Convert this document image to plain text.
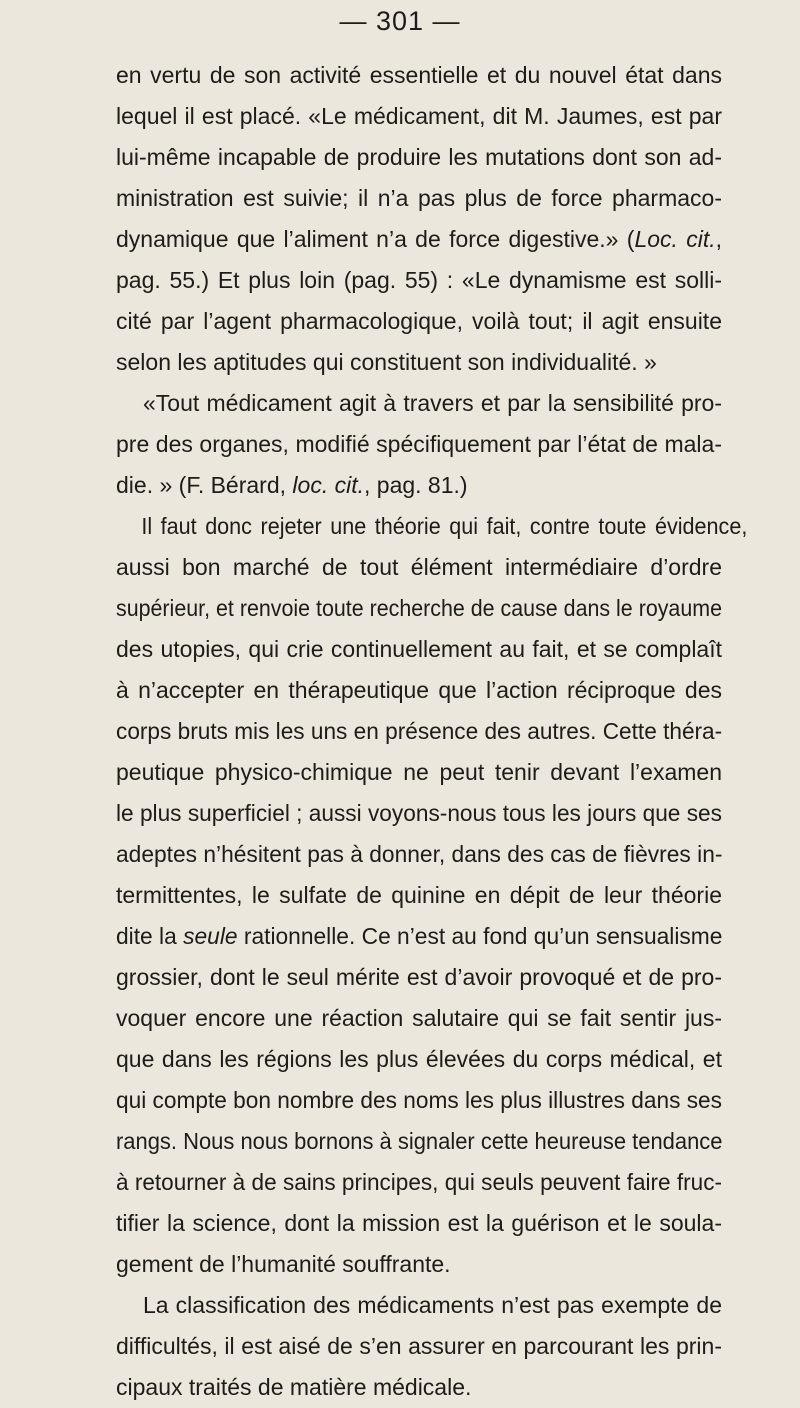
— 301 —
en vertu de son activité essentielle et du nouvel état dans
lequel il est placé. «Le médicament, dit M. Jaumes, est par
lui-même incapable de produire les mutations dont son ad-
ministration est suivie; il n’a pas plus de force pharmaco-
dynamique que l’aliment n’a de force digestive.» (Loc. cit.,
pag. 55.) Et plus loin (pag. 55) : «Le dynamisme est solli-
cité par l’agent pharmacologique, voilà tout; il agit ensuite
selon les aptitudes qui constituent son individualité. »
«Tout médicament agit à travers et par la sensibilité pro-
pre des organes, modifié spécifiquement par l’état de mala-
die. » (F. Bérard, loc. cit., pag. 81.)
Il faut donc rejeter une théorie qui fait, contre toute évidence,
aussi bon marché de tout élément intermédiaire d’ordre
supérieur, et renvoie toute recherche de cause dans le royaume
des utopies, qui crie continuellement au fait, et se complaît
à n’accepter en thérapeutique que l’action réciproque des
corps bruts mis les uns en présence des autres. Cette théra-
peutique physico-chimique ne peut tenir devant l’examen
le plus superficiel ; aussi voyons-nous tous les jours que ses
adeptes n’hésitent pas à donner, dans des cas de fièvres in-
termittentes, le sulfate de quinine en dépit de leur théorie
dite la seule rationnelle. Ce n’est au fond qu’un sensualisme
grossier, dont le seul mérite est d’avoir provoqué et de pro-
voquer encore une réaction salutaire qui se fait sentir jus-
que dans les régions les plus élevées du corps médical, et
qui compte bon nombre des noms les plus illustres dans ses
rangs. Nous nous bornons à signaler cette heureuse tendance
à retourner à de sains principes, qui seuls peuvent faire fruc-
tifier la science, dont la mission est la guérison et le soula-
gement de l’humanité souffrante.
La classification des médicaments n’est pas exempte de
difficultés, il est aisé de s’en assurer en parcourant les prin-
cipaux traités de matière médicale.
